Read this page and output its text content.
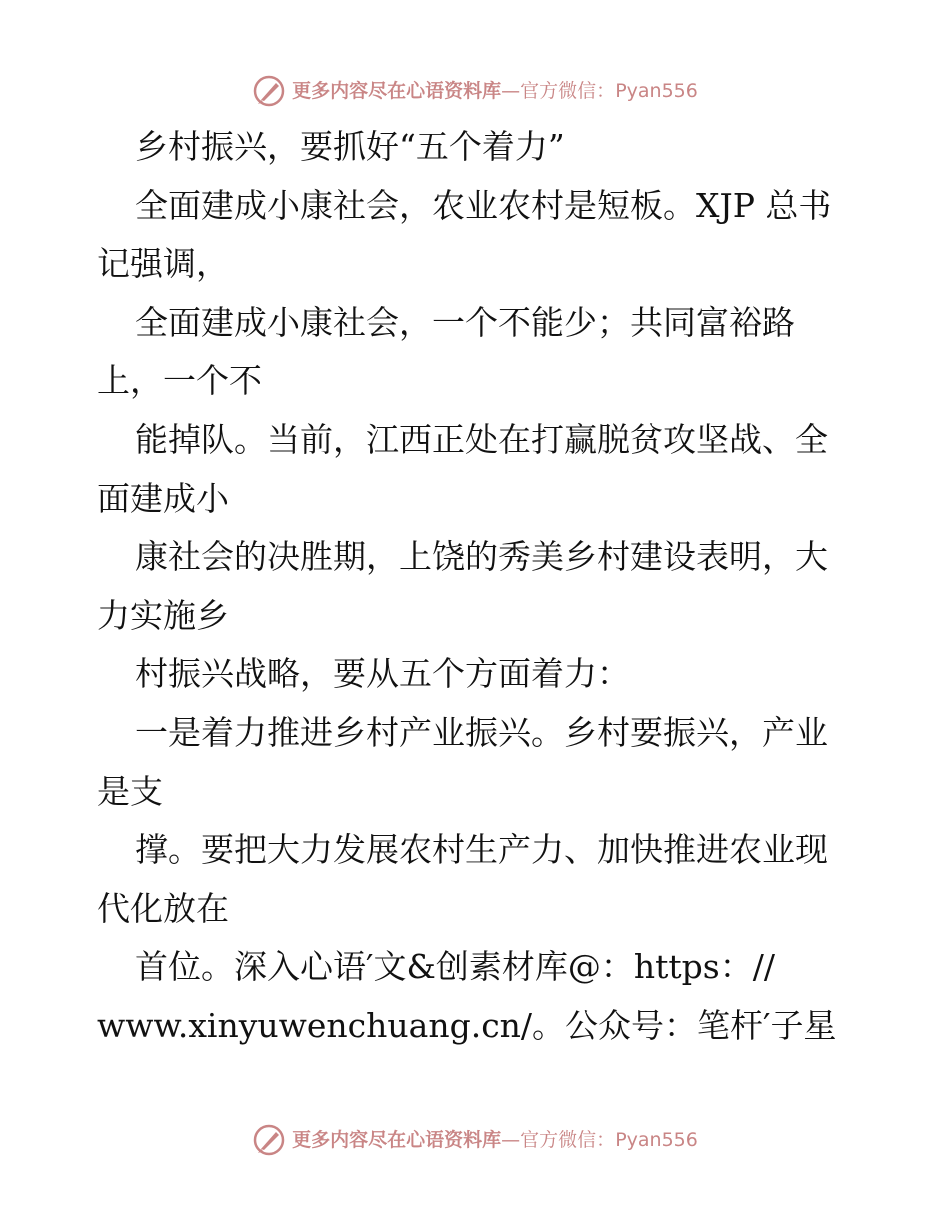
更多内容尽在心语资料库—官方微信：Pyan556
乡村振兴，要抓好“五个着力”
全面建成小康社会，农业农村是短板。XJP 总书
记强调，
全面建成小康社会，一个不能少；共同富裕路
上，一个不
能掉队。当前，江西正处在打赢脱贫攻坚战、全
面建成小
康社会的决胜期，上饶的秀美乡村建设表明，大
力实施乡
村振兴战略，要从五个方面着力：
一是着力推进乡村产业振兴。乡村要振兴，产业
是支
撑。要把大力发展农村生产力、加快推进农业现
代化放在
首位。深入心语′文&创素材库@：https：//
www.xinyuwenchuang.cn/。公众号：笔杆′子星
更多内容尽在心语资料库—官方微信：Pyan556
